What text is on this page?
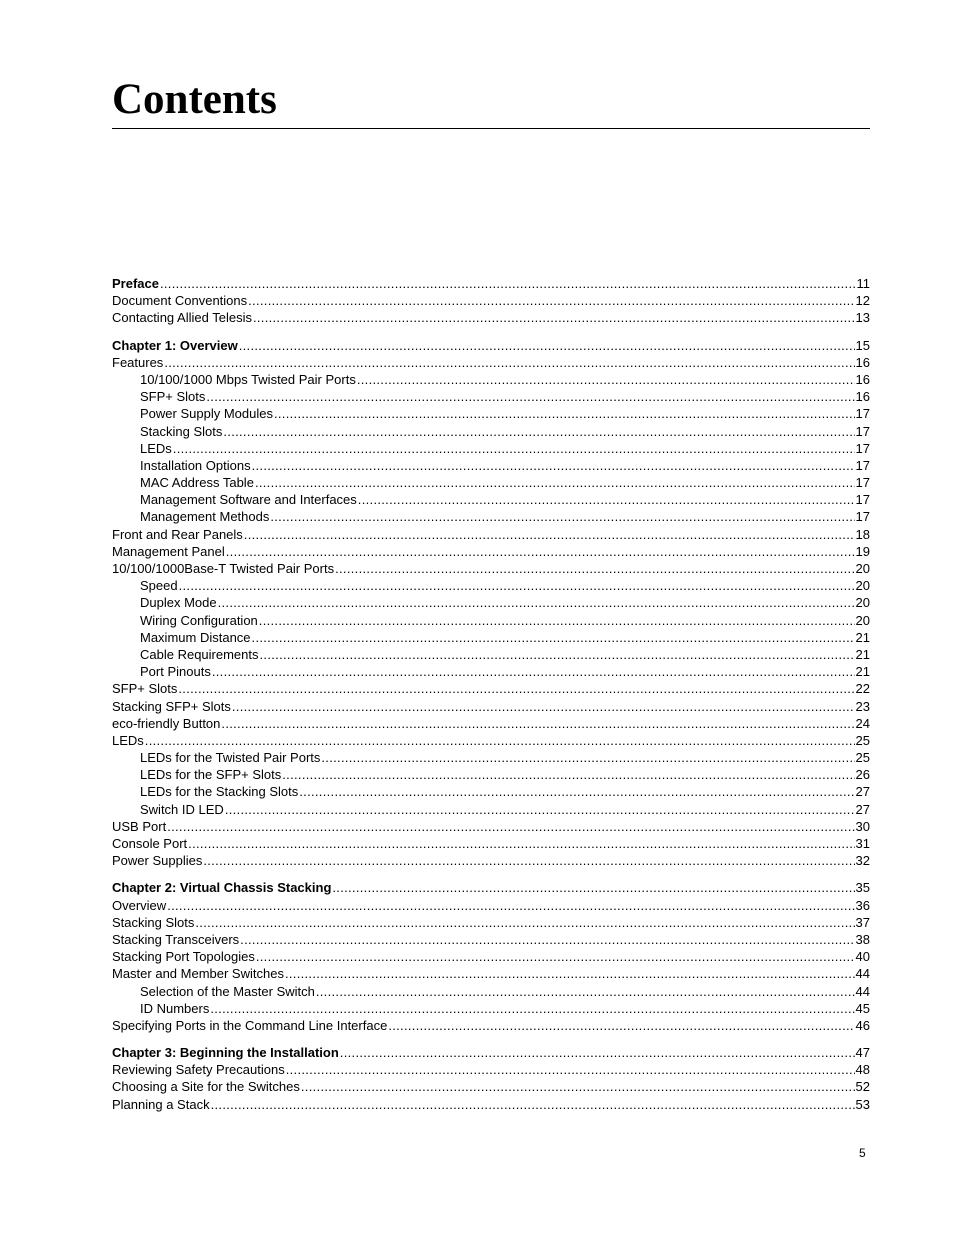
Contents
Preface .....	11
Document Conventions .....	12
Contacting Allied Telesis .....	13
Chapter 1: Overview .....	15
Features .....	16
10/100/1000 Mbps Twisted Pair Ports .....	16
SFP+ Slots .....	16
Power Supply Modules .....	17
Stacking Slots .....	17
LEDs .....	17
Installation Options .....	17
MAC Address Table .....	17
Management Software and Interfaces .....	17
Management Methods .....	17
Front and Rear Panels .....	18
Management Panel .....	19
10/100/1000Base-T Twisted Pair Ports .....	20
Speed .....	20
Duplex Mode .....	20
Wiring Configuration .....	20
Maximum Distance .....	21
Cable Requirements .....	21
Port Pinouts .....	21
SFP+ Slots .....	22
Stacking SFP+ Slots .....	23
eco-friendly Button .....	24
LEDs .....	25
LEDs for the Twisted Pair Ports .....	25
LEDs for the SFP+ Slots .....	26
LEDs for the Stacking Slots .....	27
Switch ID LED .....	27
USB Port .....	30
Console Port .....	31
Power Supplies .....	32
Chapter 2: Virtual Chassis Stacking .....	35
Overview .....	36
Stacking Slots .....	37
Stacking Transceivers .....	38
Stacking Port Topologies .....	40
Master and Member Switches .....	44
Selection of the Master Switch .....	44
ID Numbers .....	45
Specifying Ports in the Command Line Interface .....	46
Chapter 3: Beginning the Installation .....	47
Reviewing Safety Precautions .....	48
Choosing a Site for the Switches .....	52
Planning a Stack .....	53
5
